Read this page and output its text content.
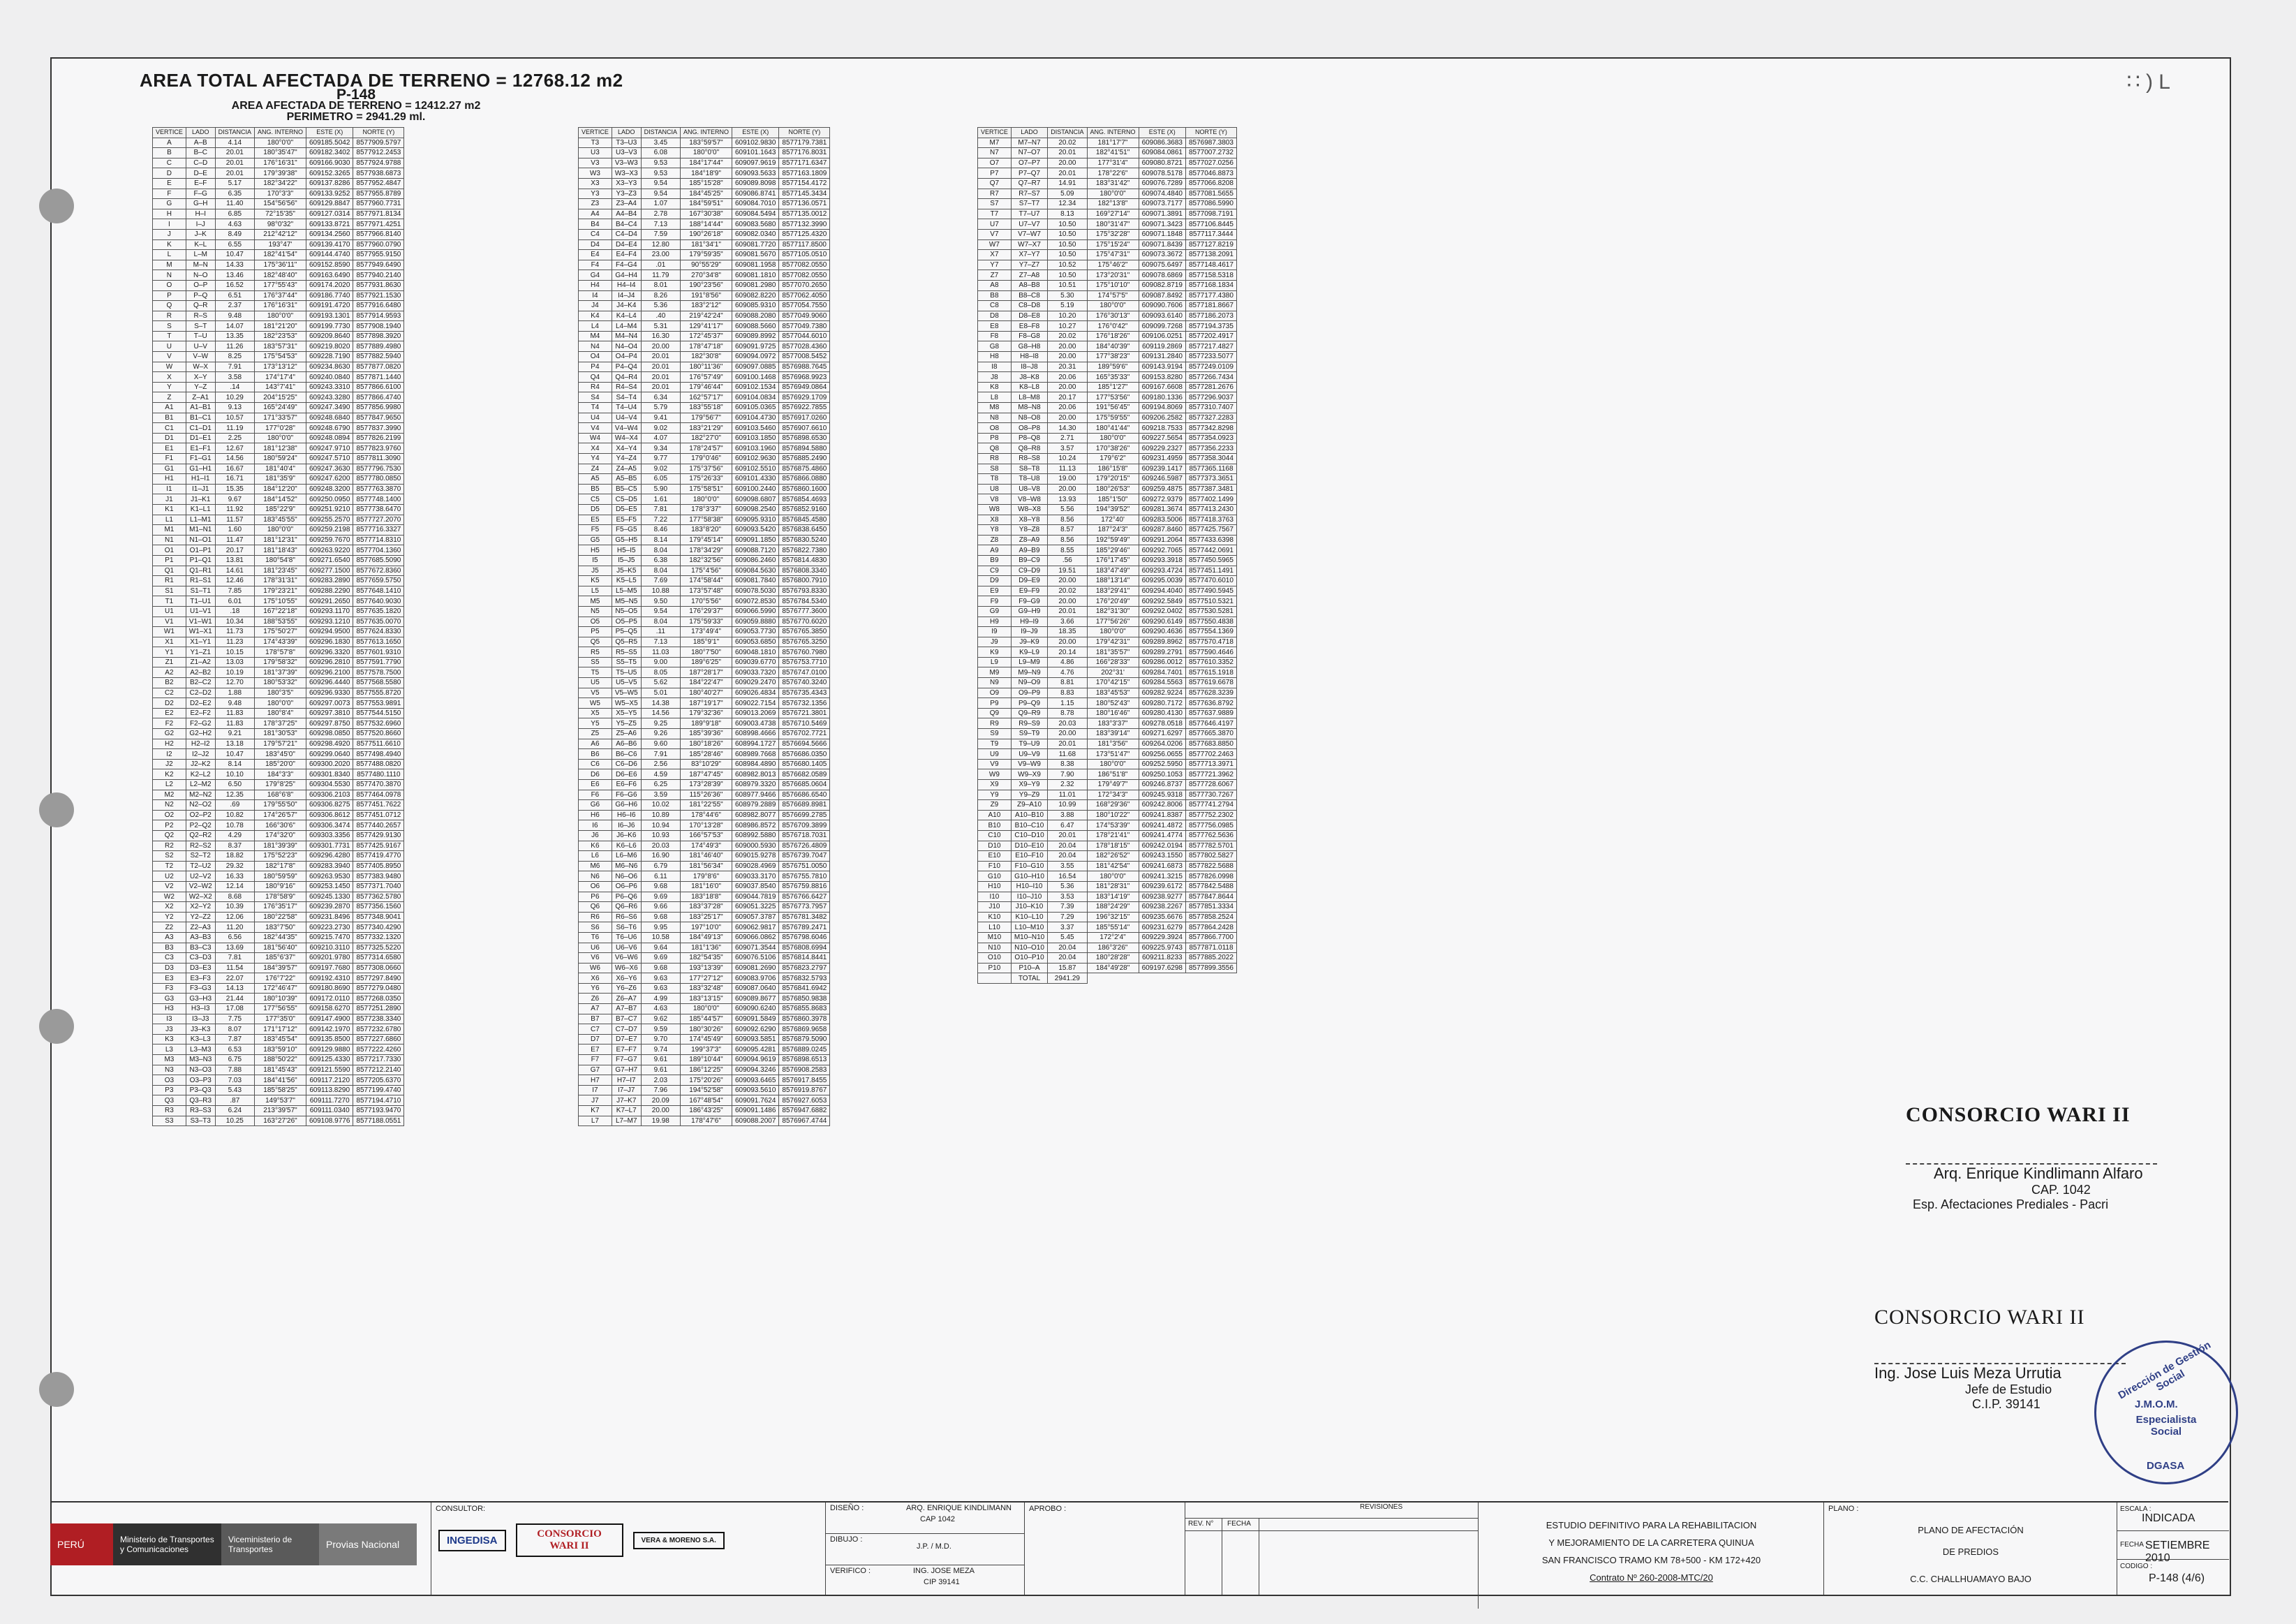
AREA TOTAL AFECTADA DE TERRENO = 12768.12 m2
P-148
AREA AFECTADA DE TERRENO = 12412.27 m2
PERIMETRO = 2941.29 ml.
∷ ) L
VERTICE	LADO	DISTANCIA	ANG. INTERNO	ESTE (X)	NORTE (Y)
A	A–B	4.14	180°0'0"	609185.5042	8577909.5797
B	B–C	20.01	180°35'47"	609182.3402	8577912.2453
C	C–D	20.01	176°16'31"	609166.9030	8577924.9788
D	D–E	20.01	179°39'38"	609152.3265	8577938.6873
E	E–F	5.17	182°34'22"	609137.8286	8577952.4847
F	F–G	6.35	170°3'3"	609133.9252	8577955.8789
G	G–H	11.40	154°56'56"	609129.8847	8577960.7731
H	H–I	6.85	72°15'35"	609127.0314	8577971.8134
I	I–J	4.63	98°0'32"	609133.8721	8577971.4251
J	J–K	8.49	212°42'12"	609134.2560	8577966.8140
K	K–L	6.55	193°47'	609139.4170	8577960.0790
L	L–M	10.47	182°41'54"	609144.4740	8577955.9150
M	M–N	14.33	175°36'11"	609152.8590	8577949.6490
N	N–O	13.46	182°48'40"	609163.6490	8577940.2140
O	O–P	16.52	177°55'43"	609174.2020	8577931.8630
P	P–Q	6.51	176°37'44"	609186.7740	8577921.1530
Q	Q–R	2.37	176°16'31"	609191.4720	8577916.6480
R	R–S	9.48	180°0'0"	609193.1301	8577914.9593
S	S–T	14.07	181°21'20"	609199.7730	8577908.1940
T	T–U	13.35	182°23'53"	609209.8640	8577898.3920
U	U–V	11.26	183°57'31"	609219.8020	8577889.4980
V	V–W	8.25	175°54'53"	609228.7190	8577882.5940
W	W–X	7.91	173°13'12"	609234.8630	8577877.0820
X	X–Y	3.58	174°17'4"	609240.0840	8577871.1440
Y	Y–Z	.14	143°7'41"	609243.3310	8577866.6100
Z	Z–A1	10.29	204°15'25"	609243.3280	8577866.4740
A1	A1–B1	9.13	165°24'49"	609247.3490	8577856.9980
B1	B1–C1	10.57	171°33'57"	609248.6840	8577847.9650
C1	C1–D1	11.19	177°0'28"	609248.6790	8577837.3990
D1	D1–E1	2.25	180°0'0"	609248.0894	8577826.2199
E1	E1–F1	12.67	181°12'38"	609247.9710	8577823.9760
F1	F1–G1	14.56	180°59'24"	609247.5710	8577811.3090
G1	G1–H1	16.67	181°40'4"	609247.3630	8577796.7530
H1	H1–I1	16.71	181°35'9"	609247.6200	8577780.0850
I1	I1–J1	15.35	184°12'20"	609248.3200	8577763.3870
J1	J1–K1	9.67	184°14'52"	609250.0950	8577748.1400
K1	K1–L1	11.92	185°22'9"	609251.9210	8577738.6470
L1	L1–M1	11.57	183°45'55"	609255.2570	8577727.2070
M1	M1–N1	1.60	180°0'0"	609259.2198	8577716.3327
N1	N1–O1	11.47	181°12'31"	609259.7670	8577714.8310
O1	O1–P1	20.17	181°18'43"	609263.9220	8577704.1360
P1	P1–Q1	13.81	180°54'8"	609271.6540	8577685.5090
Q1	Q1–R1	14.61	181°23'45"	609277.1500	8577672.8360
R1	R1–S1	12.46	178°31'31"	609283.2890	8577659.5750
S1	S1–T1	7.85	179°23'21"	609288.2290	8577648.1410
T1	T1–U1	6.01	175°10'55"	609291.2650	8577640.9030
U1	U1–V1	.18	167°22'18"	609293.1170	8577635.1820
V1	V1–W1	10.34	188°53'55"	609293.1210	8577635.0070
W1	W1–X1	11.73	175°50'27"	609294.9500	8577624.8330
X1	X1–Y1	11.23	174°43'39"	609296.1830	8577613.1650
Y1	Y1–Z1	10.15	178°57'8"	609296.3320	8577601.9310
Z1	Z1–A2	13.03	179°58'32"	609296.2810	8577591.7790
A2	A2–B2	10.19	181°37'39"	609296.2100	8577578.7500
B2	B2–C2	12.70	180°53'32"	609296.4440	8577568.5580
C2	C2–D2	1.88	180°3'5"	609296.9330	8577555.8720
D2	D2–E2	9.48	180°0'0"	609297.0073	8577553.9891
E2	E2–F2	11.83	180°8'4"	609297.3810	8577544.5150
F2	F2–G2	11.83	178°37'25"	609297.8750	8577532.6960
G2	G2–H2	9.21	181°30'53"	609298.0850	8577520.8660
H2	H2–I2	13.18	179°57'21"	609298.4920	8577511.6610
I2	I2–J2	10.47	183°45'0"	609299.0640	8577498.4940
J2	J2–K2	8.14	185°20'0"	609300.2020	8577488.0820
K2	K2–L2	10.10	184°3'3"	609301.8340	8577480.1110
L2	L2–M2	6.50	179°8'25"	609304.5530	8577470.3870
M2	M2–N2	12.35	168°6'8"	609306.2103	8577464.0978
N2	N2–O2	.69	179°55'50"	609306.8275	8577451.7622
O2	O2–P2	10.82	174°26'57"	609306.8612	8577451.0712
P2	P2–Q2	10.78	166°30'6"	609306.3474	8577440.2657
Q2	Q2–R2	4.29	174°32'0"	609303.3356	8577429.9130
R2	R2–S2	8.37	181°39'39"	609301.7731	8577425.9167
S2	S2–T2	18.82	175°52'23"	609296.4280	8577419.4770
T2	T2–U2	29.32	182°17'8"	609283.3940	8577405.8950
U2	U2–V2	16.33	180°59'59"	609263.9530	8577383.9480
V2	V2–W2	12.14	180°9'16"	609253.1450	8577371.7040
W2	W2–X2	8.68	178°58'9"	609245.1330	8577362.5780
X2	X2–Y2	10.39	176°35'17"	609239.2870	8577356.1560
Y2	Y2–Z2	12.06	180°22'58"	609231.8496	8577348.9041
Z2	Z2–A3	11.20	183°7'50"	609223.2730	8577340.4290
A3	A3–B3	6.56	182°44'35"	609215.7470	8577332.1320
B3	B3–C3	13.69	181°56'40"	609210.3110	8577325.5220
C3	C3–D3	7.81	185°6'37"	609201.9780	8577314.6580
D3	D3–E3	11.54	184°39'57"	609197.7680	8577308.0660
E3	E3–F3	22.07	176°7'22"	609192.4310	8577297.8490
F3	F3–G3	14.13	172°46'47"	609180.8690	8577279.0480
G3	G3–H3	21.44	180°10'39"	609172.0110	8577268.0350
H3	H3–I3	17.08	177°56'55"	609158.6270	8577251.2890
I3	I3–J3	7.75	177°35'0"	609147.4900	8577238.3340
J3	J3–K3	8.07	171°17'12"	609142.1970	8577232.6780
K3	K3–L3	7.87	183°45'54"	609135.8500	8577227.6860
L3	L3–M3	6.53	183°59'10"	609129.9880	8577222.4260
M3	M3–N3	6.75	188°50'22"	609125.4330	8577217.7330
N3	N3–O3	7.88	181°45'43"	609121.5590	8577212.2140
O3	O3–P3	7.03	184°41'56"	609117.2120	8577205.6370
P3	P3–Q3	5.43	185°58'25"	609113.8290	8577199.4740
Q3	Q3–R3	.87	149°53'7"	609111.7270	8577194.4710
R3	R3–S3	6.24	213°39'57"	609111.0340	8577193.9470
S3	S3–T3	10.25	163°27'26"	609108.9776	8577188.0551
VERTICE	LADO	DISTANCIA	ANG. INTERNO	ESTE (X)	NORTE (Y)
T3	T3–U3	3.45	183°59'57"	609102.9830	8577179.7381
U3	U3–V3	6.08	180°0'0"	609101.1643	8577176.8031
V3	V3–W3	9.53	184°17'44"	609097.9619	8577171.6347
W3	W3–X3	9.53	184°18'9"	609093.5633	8577163.1809
X3	X3–Y3	9.54	185°15'28"	609089.8098	8577154.4172
Y3	Y3–Z3	9.54	184°45'25"	609086.8741	8577145.3434
Z3	Z3–A4	1.07	184°59'51"	609084.7010	8577136.0571
A4	A4–B4	2.78	167°30'38"	609084.5494	8577135.0012
B4	B4–C4	7.13	188°14'44"	609083.5680	8577132.3990
C4	C4–D4	7.59	190°26'18"	609082.0340	8577125.4320
D4	D4–E4	12.80	181°34'1"	609081.7720	8577117.8500
E4	E4–F4	23.00	179°59'35"	609081.5670	8577105.0510
F4	F4–G4	.01	90°55'29"	609081.1958	8577082.0550
G4	G4–H4	11.79	270°34'8"	609081.1810	8577082.0550
H4	H4–I4	8.01	190°23'56"	609081.2980	8577070.2650
I4	I4–J4	8.26	191°8'56"	609082.8220	8577062.4050
J4	J4–K4	5.36	183°2'12"	609085.9310	8577054.7550
K4	K4–L4	.40	219°42'24"	609088.2080	8577049.9060
L4	L4–M4	5.31	129°41'17"	609088.5660	8577049.7380
M4	M4–N4	16.30	172°45'37"	609089.8992	8577044.6010
N4	N4–O4	20.00	178°47'18"	609091.9725	8577028.4360
O4	O4–P4	20.01	182°30'8"	609094.0972	8577008.5452
P4	P4–Q4	20.01	180°11'36"	609097.0885	8576988.7645
Q4	Q4–R4	20.01	176°57'49"	609100.1468	8576968.9923
R4	R4–S4	20.01	179°46'44"	609102.1534	8576949.0864
S4	S4–T4	6.34	162°57'17"	609104.0834	8576929.1709
T4	T4–U4	5.79	183°55'18"	609105.0365	8576922.7855
U4	U4–V4	9.41	179°56'7"	609104.4730	8576917.0260
V4	V4–W4	9.02	183°21'29"	609103.5460	8576907.6610
W4	W4–X4	4.07	182°27'0"	609103.1850	8576898.6530
X4	X4–Y4	9.34	178°24'57"	609103.1960	8576894.5880
Y4	Y4–Z4	9.77	179°0'46"	609102.9630	8576885.2490
Z4	Z4–A5	9.02	175°37'56"	609102.5510	8576875.4860
A5	A5–B5	6.05	175°26'33"	609101.4330	8576866.0880
B5	B5–C5	5.90	175°58'51"	609100.2440	8576860.1600
C5	C5–D5	1.61	180°0'0"	609098.6807	8576854.4693
D5	D5–E5	7.81	178°3'37"	609098.2540	8576852.9160
E5	E5–F5	7.22	177°58'38"	609095.9310	8576845.4580
F5	F5–G5	8.46	183°8'20"	609093.5420	8576838.6450
G5	G5–H5	8.14	179°45'14"	609091.1850	8576830.5240
H5	H5–I5	8.04	178°34'29"	609088.7120	8576822.7380
I5	I5–J5	6.38	182°32'56"	609086.2460	8576814.4830
J5	J5–K5	8.04	175°4'56"	609084.5630	8576808.3340
K5	K5–L5	7.69	174°58'44"	609081.7840	8576800.7910
L5	L5–M5	10.88	173°57'48"	609078.5030	8576793.8330
M5	M5–N5	9.50	170°5'56"	609072.8530	8576784.5340
N5	N5–O5	9.54	176°29'37"	609066.5990	8576777.3600
O5	O5–P5	8.04	175°59'33"	609059.8880	8576770.6020
P5	P5–Q5	.11	173°49'4"	609053.7730	8576765.3850
Q5	Q5–R5	7.13	185°9'1"	609053.6850	8576765.3250
R5	R5–S5	11.03	180°7'50"	609048.1810	8576760.7980
S5	S5–T5	9.00	189°6'25"	609039.6770	8576753.7710
T5	T5–U5	8.05	187°28'17"	609033.7320	8576747.0100
U5	U5–V5	5.62	184°22'47"	609029.2470	8576740.3240
V5	V5–W5	5.01	180°40'27"	609026.4834	8576735.4343
W5	W5–X5	14.38	187°19'17"	609022.7154	8576732.1356
X5	X5–Y5	14.56	179°32'36"	609013.2069	8576721.3801
Y5	Y5–Z5	9.25	189°9'18"	609003.4738	8576710.5469
Z5	Z5–A6	9.26	185°39'36"	608998.4666	8576702.7721
A6	A6–B6	9.60	180°18'26"	608994.1727	8576694.5666
B6	B6–C6	7.91	185°28'46"	608989.7668	8576686.0350
C6	C6–D6	2.56	83°10'29"	608984.4890	8576680.1405
D6	D6–E6	4.59	187°47'45"	608982.8013	8576682.0589
E6	E6–F6	6.25	173°28'39"	608979.3320	8576685.0604
F6	F6–G6	3.59	115°26'36"	608977.9466	8576686.6540
G6	G6–H6	10.02	181°22'55"	608979.2889	8576689.8981
H6	H6–I6	10.89	178°44'6"	608982.8077	8576699.2785
I6	I6–J6	10.94	170°13'28"	608986.8572	8576709.3899
J6	J6–K6	10.93	166°57'53"	608992.5880	8576718.7031
K6	K6–L6	20.03	174°49'3"	609000.5930	8576726.4809
L6	L6–M6	16.90	181°46'40"	609015.9278	8576739.7047
M6	M6–N6	6.79	181°56'34"	609028.4969	8576751.0050
N6	N6–O6	6.11	179°8'6"	609033.3170	8576755.7810
O6	O6–P6	9.68	181°16'0"	609037.8540	8576759.8816
P6	P6–Q6	9.69	183°18'8"	609044.7819	8576766.6427
Q6	Q6–R6	9.66	183°37'28"	609051.3225	8576773.7957
R6	R6–S6	9.68	183°25'17"	609057.3787	8576781.3482
S6	S6–T6	9.95	197°10'0"	609062.9817	8576789.2471
T6	T6–U6	10.58	184°49'13"	609066.0862	8576798.6046
U6	U6–V6	9.64	181°1'36"	609071.3544	8576808.6994
V6	V6–W6	9.69	182°54'35"	609076.5106	8576814.8441
W6	W6–X6	9.68	193°13'39"	609081.2690	8576823.2797
X6	X6–Y6	9.63	177°27'12"	609083.9706	8576832.5793
Y6	Y6–Z6	9.63	183°32'48"	609087.0640	8576841.6942
Z6	Z6–A7	4.99	183°13'15"	609089.8677	8576850.9838
A7	A7–B7	4.63	180°0'0"	609090.6240	8576855.8683
B7	B7–C7	9.62	185°44'57"	609091.5849	8576860.3978
C7	C7–D7	9.59	180°30'26"	609092.6290	8576869.9658
D7	D7–E7	9.70	174°45'49"	609093.5851	8576879.5090
E7	E7–F7	9.74	199°37'3"	609095.4281	8576889.0245
F7	F7–G7	9.61	189°10'44"	609094.9619	8576898.6513
G7	G7–H7	9.61	186°12'25"	609094.3246	8576908.2583
H7	H7–I7	2.03	175°20'26"	609093.6465	8576917.8455
I7	I7–J7	7.96	194°52'58"	609093.5610	8576919.8767
J7	J7–K7	20.09	167°48'54"	609091.7624	8576927.6053
K7	K7–L7	20.00	186°43'25"	609091.1486	8576947.6882
L7	L7–M7	19.98	178°47'6"	609088.2007	8576967.4744
VERTICE	LADO	DISTANCIA	ANG. INTERNO	ESTE (X)	NORTE (Y)
M7	M7–N7	20.02	181°17'7"	609086.3683	8576987.3803
N7	N7–O7	20.01	182°41'51"	609084.0861	8577007.2732
O7	O7–P7	20.00	177°31'4"	609080.8721	8577027.0256
P7	P7–Q7	20.01	178°22'6"	609078.5178	8577046.8873
Q7	Q7–R7	14.91	183°31'42"	609076.7289	8577066.8208
R7	R7–S7	5.09	180°0'0"	609074.4840	8577081.5655
S7	S7–T7	12.34	182°13'8"	609073.7177	8577086.5990
T7	T7–U7	8.13	169°27'14"	609071.3891	8577098.7191
U7	U7–V7	10.50	180°31'47"	609071.3423	8577106.8445
V7	V7–W7	10.50	175°32'28"	609071.1848	8577117.3444
W7	W7–X7	10.50	175°15'24"	609071.8439	8577127.8219
X7	X7–Y7	10.50	175°47'31"	609073.3672	8577138.2091
Y7	Y7–Z7	10.52	175°46'2"	609075.6497	8577148.4617
Z7	Z7–A8	10.50	173°20'31"	609078.6869	8577158.5318
A8	A8–B8	10.51	175°10'10"	609082.8719	8577168.1834
B8	B8–C8	5.30	174°57'5"	609087.8492	8577177.4380
C8	C8–D8	5.19	180°0'0"	609090.7606	8577181.8667
D8	D8–E8	10.20	176°30'13"	609093.6140	8577186.2073
E8	E8–F8	10.27	176°0'42"	609099.7268	8577194.3735
F8	F8–G8	20.02	176°18'26"	609106.0251	8577202.4917
G8	G8–H8	20.00	184°40'39"	609119.2869	8577217.4827
H8	H8–I8	20.00	177°38'23"	609131.2840	8577233.5077
I8	I8–J8	20.31	189°59'6"	609143.9194	8577249.0109
J8	J8–K8	20.06	165°35'33"	609153.8280	8577266.7434
K8	K8–L8	20.00	185°1'27"	609167.6608	8577281.2676
L8	L8–M8	20.17	177°53'56"	609180.1336	8577296.9037
M8	M8–N8	20.06	191°56'45"	609194.8069	8577310.7407
N8	N8–O8	20.00	175°59'55"	609206.2582	8577327.2283
O8	O8–P8	14.30	180°41'44"	609218.7533	8577342.8298
P8	P8–Q8	2.71	180°0'0"	609227.5654	8577354.0923
Q8	Q8–R8	3.57	170°38'26"	609229.2327	8577356.2233
R8	R8–S8	10.24	179°6'2"	609231.4959	8577358.3044
S8	S8–T8	11.13	186°15'8"	609239.1417	8577365.1168
T8	T8–U8	19.00	179°20'15"	609246.5987	8577373.3651
U8	U8–V8	20.00	180°26'53"	609259.4875	8577387.3481
V8	V8–W8	13.93	185°1'50"	609272.9379	8577402.1499
W8	W8–X8	5.56	194°39'52"	609281.3674	8577413.2430
X8	X8–Y8	8.56	172°40'	609283.5006	8577418.3763
Y8	Y8–Z8	8.57	187°24'3"	609287.8460	8577425.7567
Z8	Z8–A9	8.56	192°59'49"	609291.2064	8577433.6398
A9	A9–B9	8.55	185°29'46"	609292.7065	8577442.0691
B9	B9–C9	.56	176°17'45"	609293.3918	8577450.5965
C9	C9–D9	19.51	183°47'49"	609293.4724	8577451.1491
D9	D9–E9	20.00	188°13'14"	609295.0039	8577470.6010
E9	E9–F9	20.02	183°29'41"	609294.4040	8577490.5945
F9	F9–G9	20.00	176°20'49"	609292.5849	8577510.5321
G9	G9–H9	20.01	182°31'30"	609292.0402	8577530.5281
H9	H9–I9	3.66	177°56'26"	609290.6149	8577550.4838
I9	I9–J9	18.35	180°0'0"	609290.4636	8577554.1369
J9	J9–K9	20.00	179°42'31"	609289.8962	8577570.4718
K9	K9–L9	20.14	181°35'57"	609289.2791	8577590.4646
L9	L9–M9	4.86	166°28'33"	609286.0012	8577610.3352
M9	M9–N9	4.76	202°31'	609284.7401	8577615.1918
N9	N9–O9	8.81	170°42'15"	609284.5563	8577619.6678
O9	O9–P9	8.83	183°45'53"	609282.9224	8577628.3239
P9	P9–Q9	1.15	180°52'43"	609280.7172	8577636.8792
Q9	Q9–R9	8.78	180°16'46"	609280.4130	8577637.9889
R9	R9–S9	20.03	183°3'37"	609278.0518	8577646.4197
S9	S9–T9	20.00	183°39'14"	609271.6297	8577665.3870
T9	T9–U9	20.01	181°3'56"	609264.0206	8577683.8850
U9	U9–V9	11.68	173°51'47"	609256.0655	8577702.2463
V9	V9–W9	8.38	180°0'0"	609252.5950	8577713.3971
W9	W9–X9	7.90	186°51'8"	609250.1053	8577721.3962
X9	X9–Y9	2.32	179°49'7"	609246.8737	8577728.6067
Y9	Y9–Z9	11.01	172°34'3"	609245.9318	8577730.7267
Z9	Z9–A10	10.99	168°29'36"	609242.8006	8577741.2794
A10	A10–B10	3.88	180°10'22"	609241.8387	8577752.2302
B10	B10–C10	6.47	174°53'39"	609241.4872	8577756.0985
C10	C10–D10	20.01	178°21'41"	609241.4774	8577762.5636
D10	D10–E10	20.04	178°18'15"	609242.0194	8577782.5701
E10	E10–F10	20.04	182°26'52"	609243.1550	8577802.5827
F10	F10–G10	3.55	181°42'54"	609241.6873	8577822.5688
G10	G10–H10	16.54	180°0'0"	609241.3215	8577826.0998
H10	H10–I10	5.36	181°28'31"	609239.6172	8577842.5488
I10	I10–J10	3.53	183°14'19"	609238.9277	8577847.8644
J10	J10–K10	7.39	188°24'29"	609238.2267	8577851.3334
K10	K10–L10	7.29	196°32'15"	609235.6676	8577858.2524
L10	L10–M10	3.37	185°55'14"	609231.6279	8577864.2428
M10	M10–N10	5.45	172°2'4"	609229.3924	8577866.7700
N10	N10–O10	20.04	186°3'26"	609225.9743	8577871.0118
O10	O10–P10	20.04	180°28'28"	609211.8233	8577885.2022
P10	P10–A	15.87	184°49'28"	609197.6298	8577899.3556
	TOTAL	2941.29			
CONSORCIO WARI II
Arq. Enrique Kindlimann Alfaro
CAP. 1042
Esp. Afectaciones Prediales - Pacri
CONSORCIO WARI II
Ing. Jose Luis Meza Urrutia
Jefe de Estudio
C.I.P. 39141
Dirección de Gestión Social
J.M.O.M.
Especialista Social
DGASA
PERÚ	Ministerio de Transportes y Comunicaciones
Viceministerio de Transportes	Provias Nacional
CONSULTOR:
INGEDISA
CONSORCIO WARI II	VERA & MORENO S.A.
DISEÑO :	ARQ. ENRIQUE KINDLIMANN
CAP 1042
DIBUJO :
J.P. / M.D.
VERIFICO :	ING. JOSE MEZA
CIP 39141
APROBO :	REVISIONES
REV. N° FECHA	ESTUDIO DEFINITIVO PARA LA REHABILITACION
Y MEJORAMIENTO DE LA CARRETERA QUINUA
SAN FRANCISCO TRAMO KM 78+500 - KM 172+420
Contrato Nº 260-2008-MTC/20
PLANO :
PLANO DE AFECTACIÓN
DE PREDIOS
C.C. CHALLHUAMAYO BAJO
ESCALA :
INDICADA
FECHA :
SETIEMBRE 2010
CODIGO :
P-148 (4/6)
